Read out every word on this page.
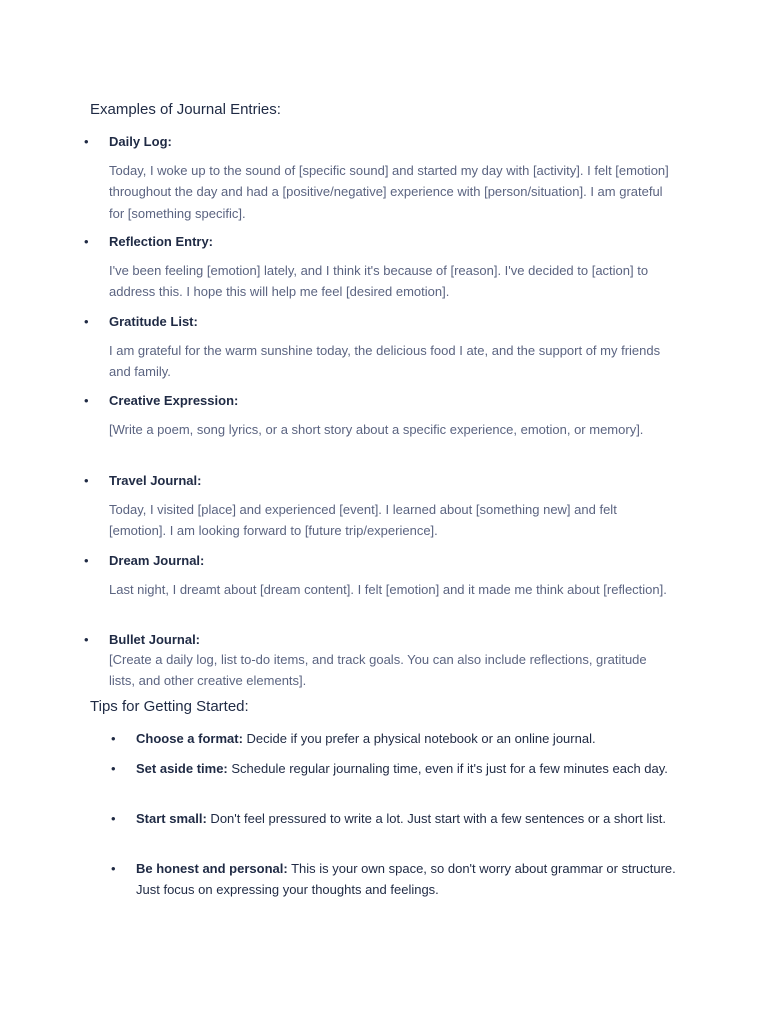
Examples of Journal Entries:
•	Daily Log:
Today, I woke up to the sound of [specific sound] and started my day with [activity]. I felt [emotion] throughout the day and had a [positive/negative] experience with [person/situation]. I am grateful for [something specific].
•	Reflection Entry:
I've been feeling [emotion] lately, and I think it's because of [reason]. I've decided to [action] to address this. I hope this will help me feel [desired emotion].
•	Gratitude List:
I am grateful for the warm sunshine today, the delicious food I ate, and the support of my friends and family.
•	Creative Expression:
[Write a poem, song lyrics, or a short story about a specific experience, emotion, or memory].
•	Travel Journal:
Today, I visited [place] and experienced [event]. I learned about [something new] and felt [emotion]. I am looking forward to [future trip/experience].
•	Dream Journal:
Last night, I dreamt about [dream content]. I felt [emotion] and it made me think about [reflection].
•	Bullet Journal:
[Create a daily log, list to-do items, and track goals. You can also include reflections, gratitude lists, and other creative elements].
Tips for Getting Started:
•	Choose a format: Decide if you prefer a physical notebook or an online journal.
•	Set aside time: Schedule regular journaling time, even if it's just for a few minutes each day.
•	Start small: Don't feel pressured to write a lot. Just start with a few sentences or a short list.
•	Be honest and personal: This is your own space, so don't worry about grammar or structure. Just focus on expressing your thoughts and feelings.
